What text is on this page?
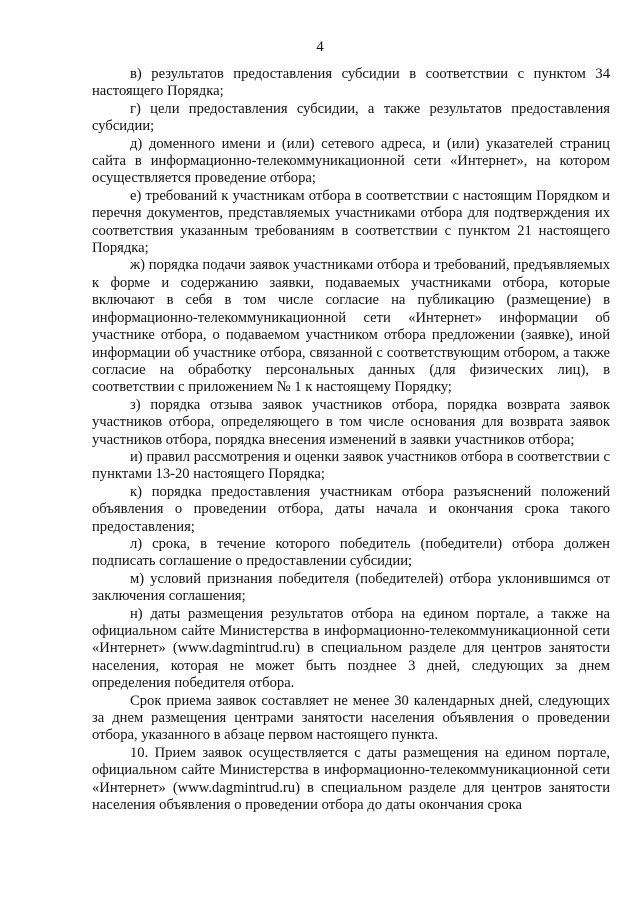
4

в) результатов предоставления субсидии в соответствии с пунктом 34 настоящего Порядка;

г) цели предоставления субсидии, а также результатов предоставления субсидии;

д) доменного имени и (или) сетевого адреса, и (или) указателей страниц сайта в информационно-телекоммуникационной сети «Интернет», на котором осуществляется проведение отбора;

е) требований к участникам отбора в соответствии с настоящим Порядком и перечня документов, представляемых участниками отбора для подтверждения их соответствия указанным требованиям в соответствии с пунктом 21 настоящего Порядка;

ж) порядка подачи заявок участниками отбора и требований, предъявляемых к форме и содержанию заявки, подаваемых участниками отбора, которые включают в себя в том числе согласие на публикацию (размещение) в информационно-телекоммуникационной сети «Интернет» информации об участнике отбора, о подаваемом участником отбора предложении (заявке), иной информации об участнике отбора, связанной с соответствующим отбором, а также согласие на обработку персональных данных (для физических лиц), в соответствии с приложением № 1 к настоящему Порядку;

з) порядка отзыва заявок участников отбора, порядка возврата заявок участников отбора, определяющего в том числе основания для возврата заявок участников отбора, порядка внесения изменений в заявки участников отбора;

и) правил рассмотрения и оценки заявок участников отбора в соответствии с пунктами 13-20 настоящего Порядка;

к) порядка предоставления участникам отбора разъяснений положений объявления о проведении отбора, даты начала и окончания срока такого предоставления;

л) срока, в течение которого победитель (победители) отбора должен подписать соглашение о предоставлении субсидии;

м) условий признания победителя (победителей) отбора уклонившимся от заключения соглашения;

н) даты размещения результатов отбора на едином портале, а также на официальном сайте Министерства в информационно-телекоммуникационной сети «Интернет» (www.dagmintrud.ru) в специальном разделе для центров занятости населения, которая не может быть позднее 3 дней, следующих за днем определения победителя отбора.

Срок приема заявок составляет не менее 30 календарных дней, следующих за днем размещения центрами занятости населения объявления о проведении отбора, указанного в абзаце первом настоящего пункта.

10. Прием заявок осуществляется с даты размещения на едином портале, официальном сайте Министерства в информационно-телекоммуникационной сети «Интернет» (www.dagmintrud.ru) в специальном разделе для центров занятости населения объявления о проведении отбора до даты окончания срока
